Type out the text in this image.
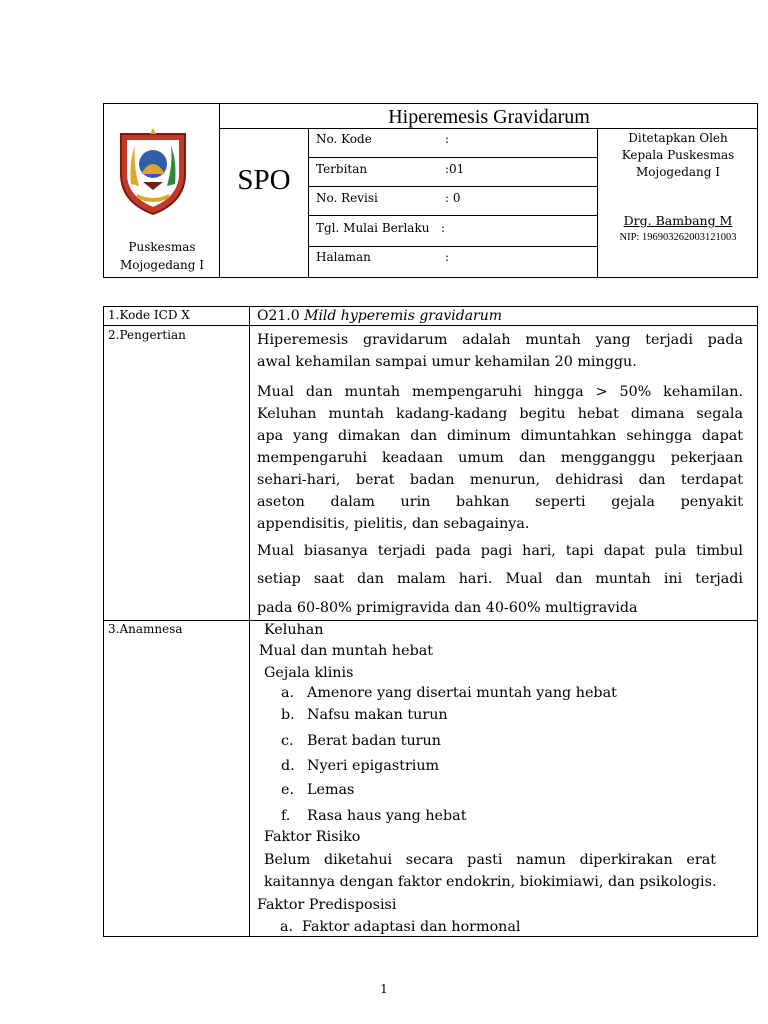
Puskesmas
Mojogedang I
Hiperemesis Gravidarum
SPO
No. Kode	:
Terbitan	:01
No. Revisi	: 0
Tgl. Mulai Berlaku :
Halaman	:
Ditetapkan Oleh
Kepala Puskesmas
Mojogedang I
Drg. Bambang M
NIP: 196903262003121003
1.Kode ICD X	O21.0 Mild hyperemis gravidarum
2.Pengertian	Hiperemesis gravidarum adalah muntah yang terjadi pada
awal kehamilan sampai umur kehamilan 20 minggu.
Mual dan muntah mempengaruhi hingga > 50% kehamilan.
Keluhan muntah kadang-kadang begitu hebat dimana segala
apa yang dimakan dan diminum dimuntahkan sehingga dapat
mempengaruhi keadaan umum dan mengganggu pekerjaan
sehari-hari, berat badan menurun, dehidrasi dan terdapat
aseton dalam urin bahkan seperti gejala penyakit
appendisitis, pielitis, dan sebagainya.
Mual biasanya terjadi pada pagi hari, tapi dapat pula timbul
setiap saat dan malam hari. Mual dan muntah ini terjadi
pada 60-80% primigravida dan 40-60% multigravida
3.Anamnesa	Keluhan
Mual dan muntah hebat
Gejala klinis
a. Amenore yang disertai muntah yang hebat
b. Nafsu makan turun
c. Berat badan turun
d. Nyeri epigastrium
e. Lemas
f. Rasa haus yang hebat
Faktor Risiko
Belum diketahui secara pasti namun diperkirakan erat
kaitannya dengan faktor endokrin, biokimiawi, dan psikologis.
Faktor Predisposisi
a. Faktor adaptasi dan hormonal
1
